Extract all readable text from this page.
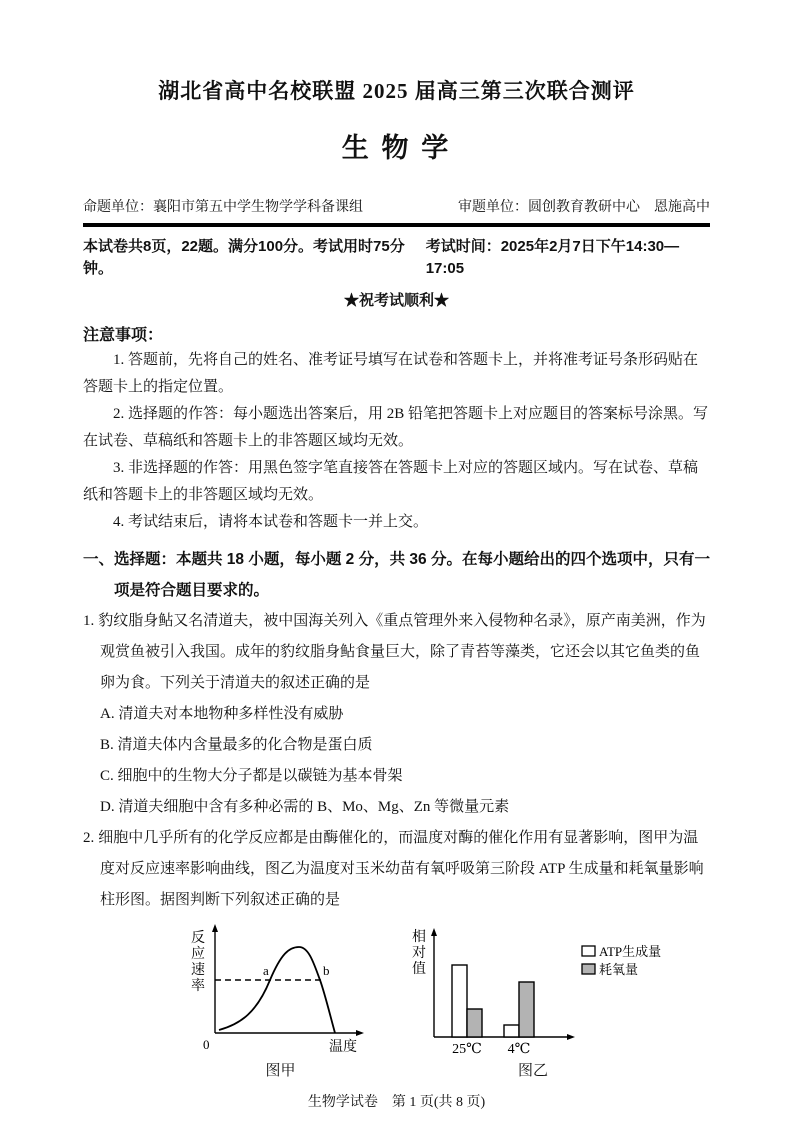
湖北省高中名校联盟 2025 届高三第三次联合测评
生 物 学
命题单位：襄阳市第五中学生物学学科备课组	审题单位：圆创教育教研中心　恩施高中
本试卷共8页，22题。满分100分。考试用时75分钟。
考试时间：2025年2月7日下午14:30—17:05
★祝考试顺利★
注意事项：

1. 答题前，先将自己的姓名、准考证号填写在试卷和答题卡上，并将准考证号条形码贴在答题卡上的指定位置。

2. 选择题的作答：每小题选出答案后，用 2B 铅笔把答题卡上对应题目的答案标号涂黑。写在试卷、草稿纸和答题卡上的非答题区域均无效。

3. 非选择题的作答：用黑色签字笔直接答在答题卡上对应的答题区域内。写在试卷、草稿纸和答题卡上的非答题区域均无效。

4. 考试结束后，请将本试卷和答题卡一并上交。

一、选择题：本题共 18 小题，每小题 2 分，共 36 分。在每小题给出的四个选项中，只有一项是符合题目要求的。
1. 豹纹脂身鲇又名清道夫，被中国海关列入《重点管理外来入侵物种名录》，原产南美洲，作为观赏鱼被引入我国。成年的豹纹脂身鲇食量巨大，除了青苔等藻类，它还会以其它鱼类的鱼卵为食。下列关于清道夫的叙述正确的是
A. 清道夫对本地物种多样性没有威胁
B. 清道夫体内含量最多的化合物是蛋白质
C. 细胞中的生物大分子都是以碳链为基本骨架
D. 清道夫细胞中含有多种必需的 B、Mo、Mg、Zn 等微量元素
2. 细胞中几乎所有的化学反应都是由酶催化的，而温度对酶的催化作用有显著影响，图甲为温度对反应速率影响曲线，图乙为温度对玉米幼苗有氧呼吸第三阶段 ATP 生成量和耗氧量影响柱形图。据图判断下列叙述正确的是
反
应
速
率
a	b
0	温度
图甲
相
对
值
25℃ 4℃
ATP生成量
耗氧量
图乙
生物学试卷　第 1 页(共 8 页)
